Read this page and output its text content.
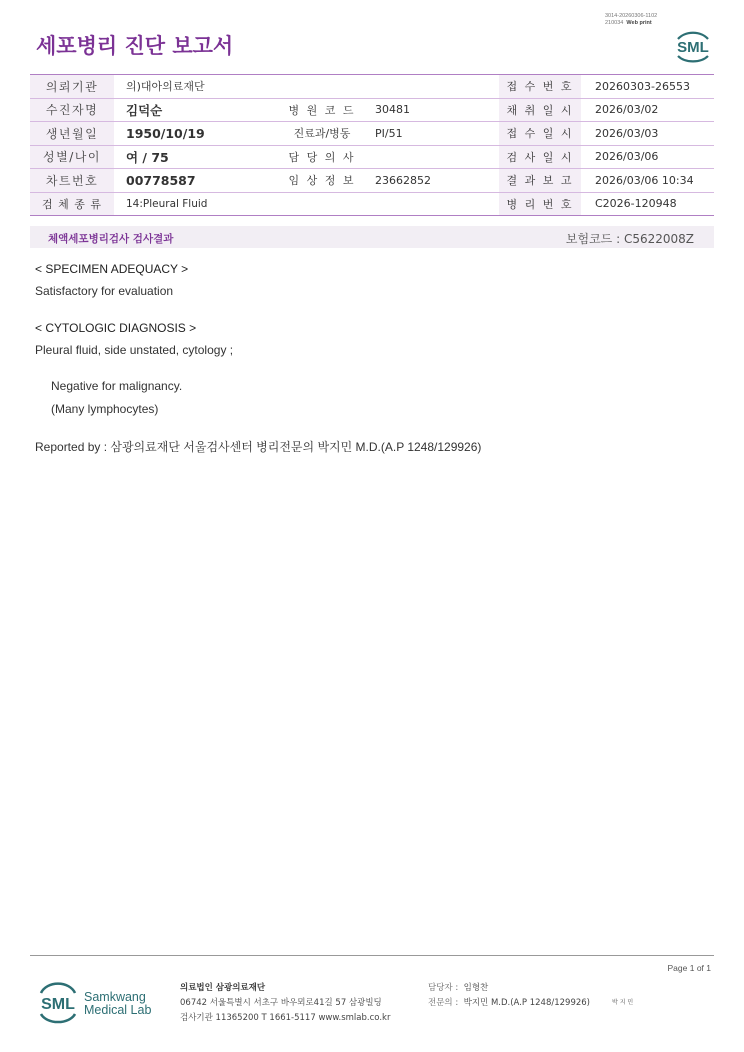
3014-20260306-1102
210034 Web print
세포병리 진단 보고서	SML
의뢰기관	의)대아의료재단			접 수 번 호	20260303-26553
수진자명	김덕순	병 원 코 드	30481	채 취 일 시	2026/03/02
생년월일	1950/10/19	진료과/병동	PI/51	접 수 일 시	2026/03/03
성별/나이	여 / 75	담 당 의 사		검 사 일 시	2026/03/06
차트번호	00778587	임 상 정 보	23662852	결 과 보 고	2026/03/06 10:34
검 체 종 류	14:Pleural Fluid			병 리 번 호	C2026-120948
체액세포병리검사 검사결과	보험코드 : C5622008Z
< SPECIMEN ADEQUACY >
Satisfactory for evaluation
< CYTOLOGIC DIAGNOSIS >
Pleural fluid, side unstated, cytology ;
Negative for malignancy.
(Many lymphocytes)
Reported by : 삼광의료재단 서울검사센터 병리전문의 박지민 M.D.(A.P 1248/129926)
Page 1 of 1
SML Samkwang
Medical Lab
의료법인 삼광의료재단
06742 서울특별시 서초구 바우뫼로41길 57 삼광빌딩
검사기관 11365200 T 1661-5117 www.smlab.co.kr
담당자 : 임형찬
전문의 : 박지민 M.D.(A.P 1248/129926)	박 지 민
